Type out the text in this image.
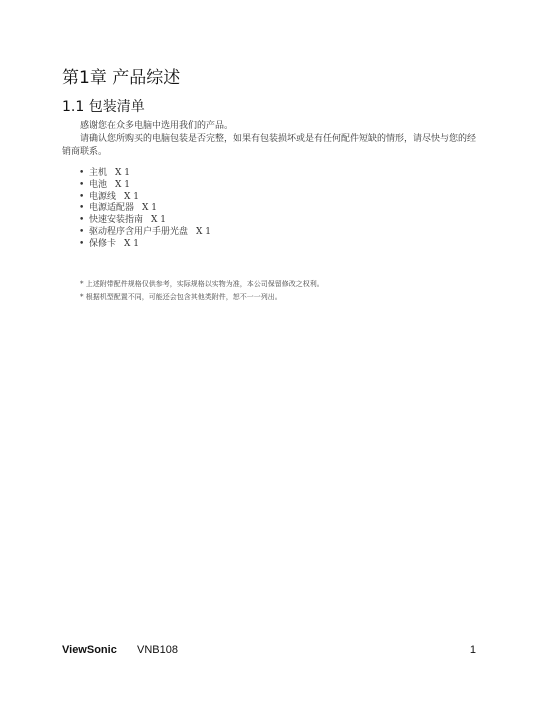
第1章 产品综述
1.1 包装清单

感谢您在众多电脑中选用我们的产品。

请确认您所购买的电脑包装是否完整，如果有包装损坏或是有任何配件短缺的情形，请尽快与您的经销商联系。

• 主机 X 1
• 电池 X 1
• 电源线 X 1
• 电源适配器 X 1
• 快速安装指南 X 1
• 驱动程序含用户手册光盘 X 1
• 保修卡 X 1

* 上述附带配件规格仅供参考，实际规格以实物为准，本公司保留修改之权利。

* 根据机型配置不同，可能还会包含其他类附件，恕不一一列出。

ViewSonic VNB108	1
